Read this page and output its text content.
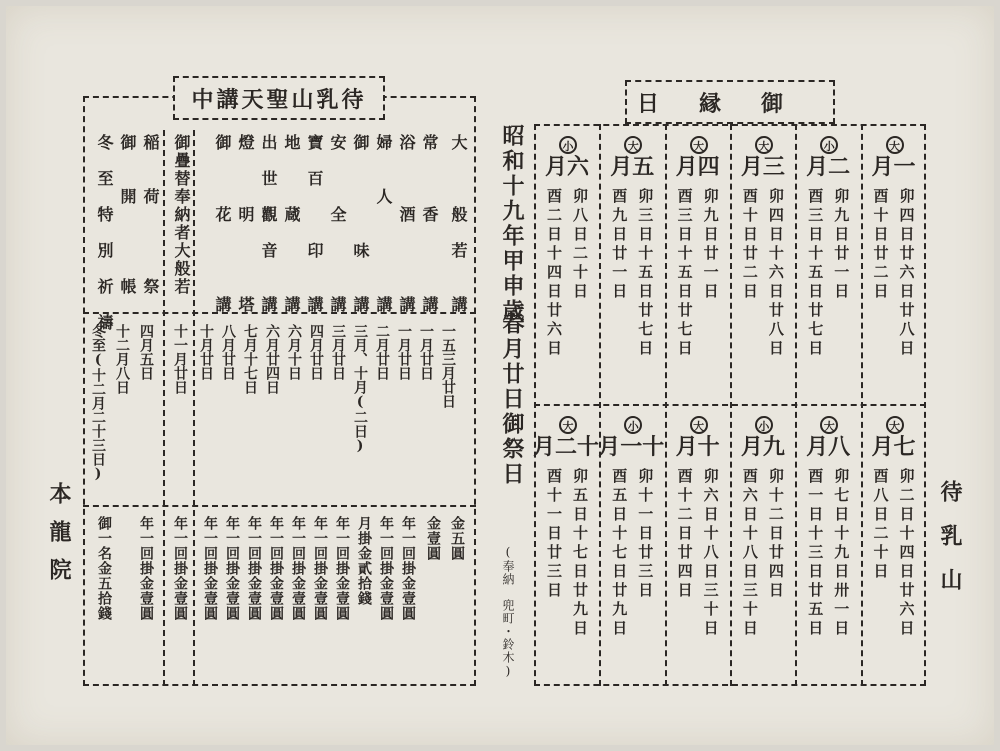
待乳山聖天講中
大　　　般　若　　講
常　　　香　　　　講
浴　　　酒　　　　講
婦　　人　　　　　講
御　　　　　味　　講
安　　　全　　　　講
寶　百　　　印　　講
地　　　蔵　　　　講
出　世　觀　音　　講
燈　　　明　　　　塔
御　　　花　　　　講
御疊替奉納者大般若
稲　　荷　　　　祭
御　　開　　　　帳
冬　至　特　別　祈　禱
一五三月廿日
一月廿日
一月廿日
二月廿日
三月、十月(二日)
三月廿日
四月廿日
六月十日
六月廿四日
七月十七日
八月廿日
十月廿日
十一月廿日
四月五日
十二月八日
冬至(十二月二十三日)
金五圓
金壹圓
年一回掛金壹圓
年一回掛金壹圓
月掛金貳拾錢
年一回掛金壹圓
年一回掛金壹圓
年一回掛金壹圓
年一回掛金壹圓
年一回掛金壹圓
年一回掛金壹圓
年一回掛金壹圓
年一回掛金壹圓
年一回掛金壹圓
御一名金五拾錢
本龍院
昭和十九年甲申歳
春月廿日御祭日
(奉納　兜町・鈴木)
御縁日
大
一月
卯四日廿六日廿八日
酉十日廿二日
小
二月
卯九日廿一日
酉三日十五日廿七日
大
三月
卯四日十六日廿八日
酉十日廿二日
大
四月
卯九日廿一日
酉三日十五日廿七日
大
五月
卯三日十五日廿七日
酉九日廿一日
小
六月
卯八日二十日
酉二日十四日廿六日
大
七月
卯二日十四日廿六日
酉八日二十日
大
八月
卯七日十九日卅一日
酉一日十三日廿五日
小
九月
卯十二日廿四日
酉六日十八日三十日
大
十月
卯六日十八日三十日
酉十二日廿四日
小
十一月
卯十一日廿三日
酉五日十七日廿九日
大
十二月
卯五日十七日廿九日
酉十一日廿三日	待乳山
